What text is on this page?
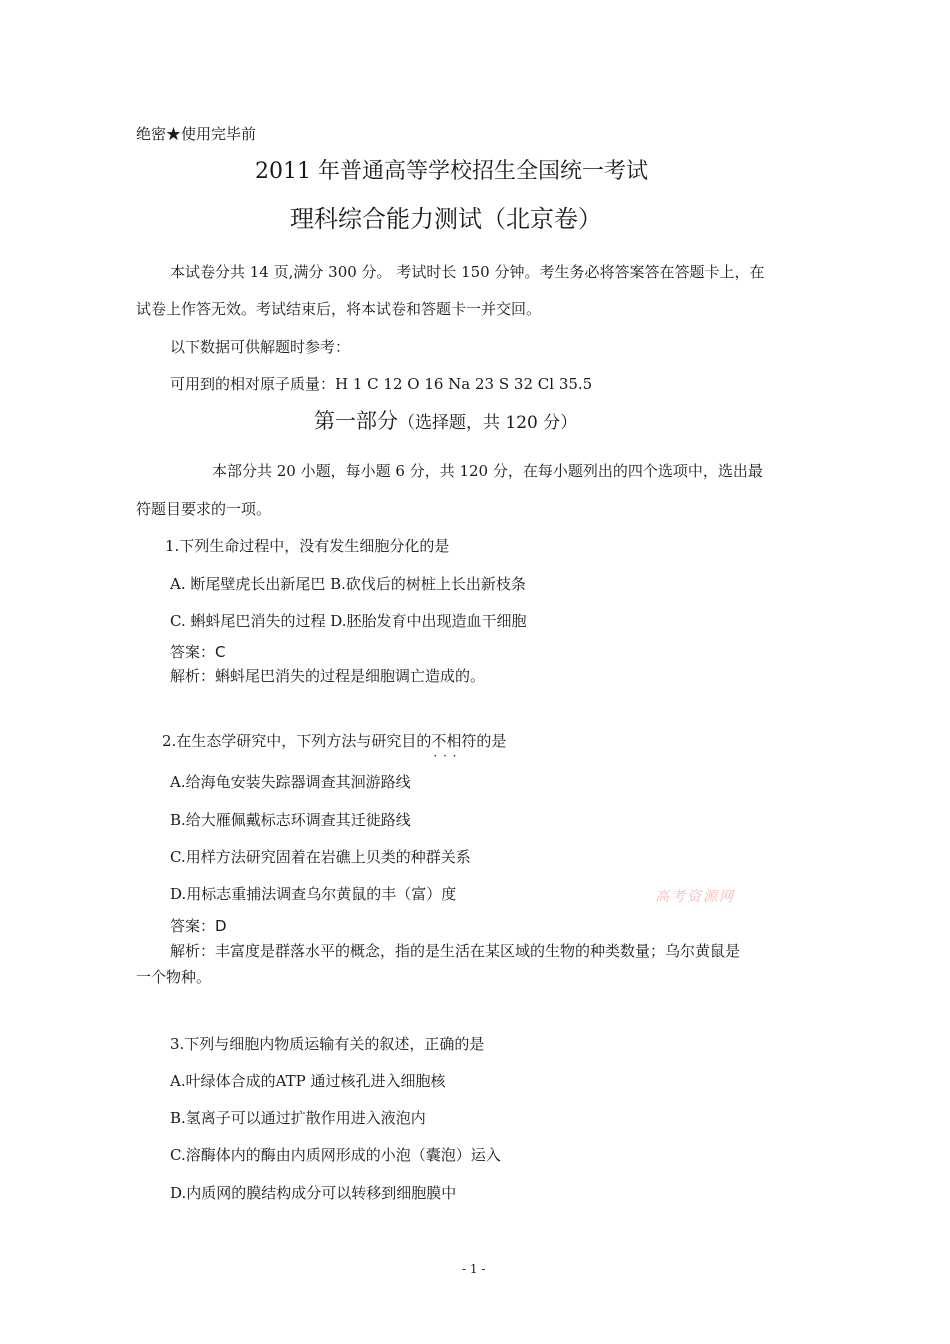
绝密★使用完毕前
2011 年普通高等学校招生全国统一考试
理科综合能力测试（北京卷）
本试卷分共 14 页,满分 300 分。 考试时长 150 分钟。考生务必将答案答在答题卡上，在
试卷上作答无效。考试结束后，将本试卷和答题卡一并交回。
以下数据可供解题时参考：
可用到的相对原子质量：H 1 C 12 O 16 Na 23 S 32 Cl 35.5
第一部分（选择题，共 120 分）
本部分共 20 小题，每小题 6 分，共 120 分，在每小题列出的四个选项中，选出最
符题目要求的一项。
1.下列生命过程中，没有发生细胞分化的是
A. 断尾壁虎长出新尾巴 B.砍伐后的树桩上长出新枝条
C. 蝌蚪尾巴消失的过程 D.胚胎发育中出现造血干细胞
答案：C
解析：蝌蚪尾巴消失的过程是细胞调亡造成的。
2.在生态学研究中，下列方法与研究目的不相符 · · ·的是
A.给海龟安装失踪器调查其洄游路线
B.给大雁佩戴标志环调查其迁徙路线
C.用样方法研究固着在岩礁上贝类的种群关系
D.用标志重捕法调查乌尔黄鼠的丰（富）度	高考资源网
答案：D
解析：丰富度是群落水平的概念，指的是生活在某区域的生物的种类数量；乌尔黄鼠是
一个物种。
3.下列与细胞内物质运输有关的叙述，正确的是
A.叶绿体合成的ATP 通过核孔进入细胞核
B.氢离子可以通过扩散作用进入液泡内
C.溶酶体内的酶由内质网形成的小泡（囊泡）运入
D.内质网的膜结构成分可以转移到细胞膜中
- 1 -
